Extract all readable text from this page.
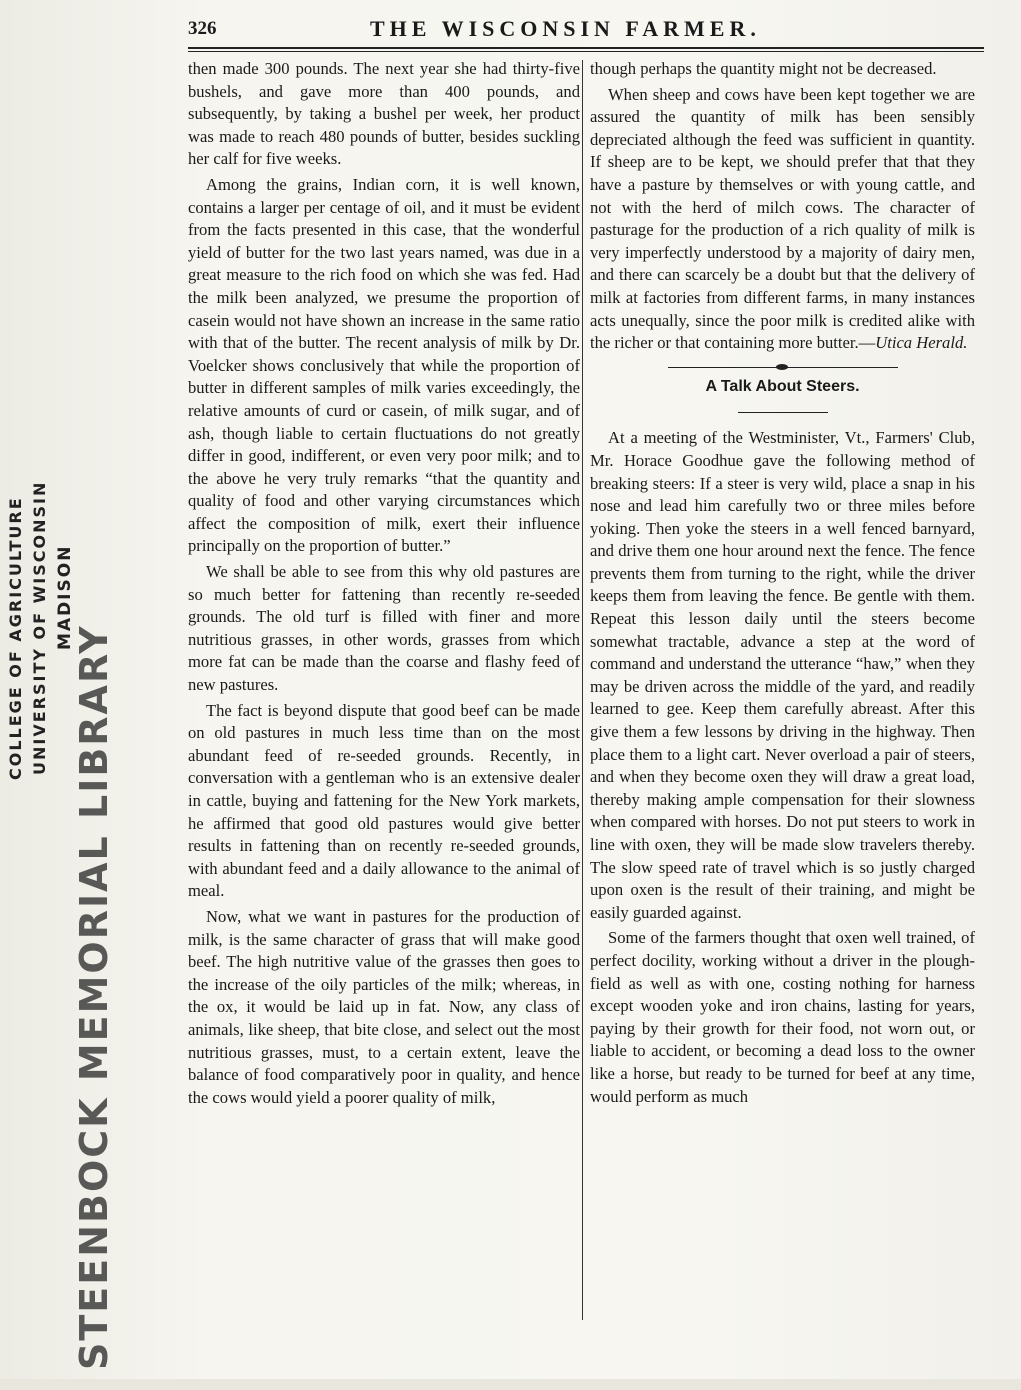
COLLEGE OF AGRICULTURE UNIVERSITY OF WISCONSIN MADISON
STEENBOCK MEMORIAL LIBRARY
326	THE WISCONSIN FARMER.

then made 300 pounds. The next year she had thirty-five bushels, and gave more than 400 pounds, and subsequently, by taking a bushel per week, her product was made to reach 480 pounds of butter, besides suckling her calf for five weeks.

Among the grains, Indian corn, it is well known, contains a larger per centage of oil, and it must be evident from the facts presented in this case, that the wonderful yield of butter for the two last years named, was due in a great measure to the rich food on which she was fed. Had the milk been analyzed, we presume the proportion of casein would not have shown an increase in the same ratio with that of the butter. The recent analysis of milk by Dr. Voelcker shows conclusively that while the proportion of butter in different samples of milk varies exceedingly, the relative amounts of curd or casein, of milk sugar, and of ash, though liable to certain fluctuations do not greatly differ in good, indifferent, or even very poor milk; and to the above he very truly remarks “that the quantity and quality of food and other varying circumstances which affect the composition of milk, exert their influence principally on the proportion of butter.”

We shall be able to see from this why old pastures are so much better for fattening than recently re-seeded grounds. The old turf is filled with finer and more nutritious grasses, in other words, grasses from which more fat can be made than the coarse and flashy feed of new pastures.

The fact is beyond dispute that good beef can be made on old pastures in much less time than on the most abundant feed of re-seeded grounds. Recently, in conversation with a gentleman who is an extensive dealer in cattle, buying and fattening for the New York markets, he affirmed that good old pastures would give better results in fattening than on recently re-seeded grounds, with abundant feed and a daily allowance to the animal of meal.

Now, what we want in pastures for the production of milk, is the same character of grass that will make good beef. The high nutritive value of the grasses then goes to the increase of the oily particles of the milk; whereas, in the ox, it would be laid up in fat. Now, any class of animals, like sheep, that bite close, and select out the most nutritious grasses, must, to a certain extent, leave the balance of food comparatively poor in quality, and hence the cows would yield a poorer quality of milk,

though perhaps the quantity might not be decreased.

When sheep and cows have been kept together we are assured the quantity of milk has been sensibly depreciated although the feed was sufficient in quantity. If sheep are to be kept, we should prefer that that they have a pasture by themselves or with young cattle, and not with the herd of milch cows. The character of pasturage for the production of a rich quality of milk is very imperfectly understood by a majority of dairy men, and there can scarcely be a doubt but that the delivery of milk at factories from different farms, in many instances acts unequally, since the poor milk is credited alike with the richer or that containing more butter.—Utica Herald.

A Talk About Steers.

At a meeting of the Westminister, Vt., Farmers' Club, Mr. Horace Goodhue gave the following method of breaking steers: If a steer is very wild, place a snap in his nose and lead him carefully two or three miles before yoking. Then yoke the steers in a well fenced barnyard, and drive them one hour around next the fence. The fence prevents them from turning to the right, while the driver keeps them from leaving the fence. Be gentle with them. Repeat this lesson daily until the steers become somewhat tractable, advance a step at the word of command and understand the utterance “haw,” when they may be driven across the middle of the yard, and readily learned to gee. Keep them carefully abreast. After this give them a few lessons by driving in the highway. Then place them to a light cart. Never overload a pair of steers, and when they become oxen they will draw a great load, thereby making ample compensation for their slowness when compared with horses. Do not put steers to work in line with oxen, they will be made slow travelers thereby. The slow speed rate of travel which is so justly charged upon oxen is the result of their training, and might be easily guarded against.

Some of the farmers thought that oxen well trained, of perfect docility, working without a driver in the plough-field as well as with one, costing nothing for harness except wooden yoke and iron chains, lasting for years, paying by their growth for their food, not worn out, or liable to accident, or becoming a dead loss to the owner like a horse, but ready to be turned for beef at any time, would perform as much
